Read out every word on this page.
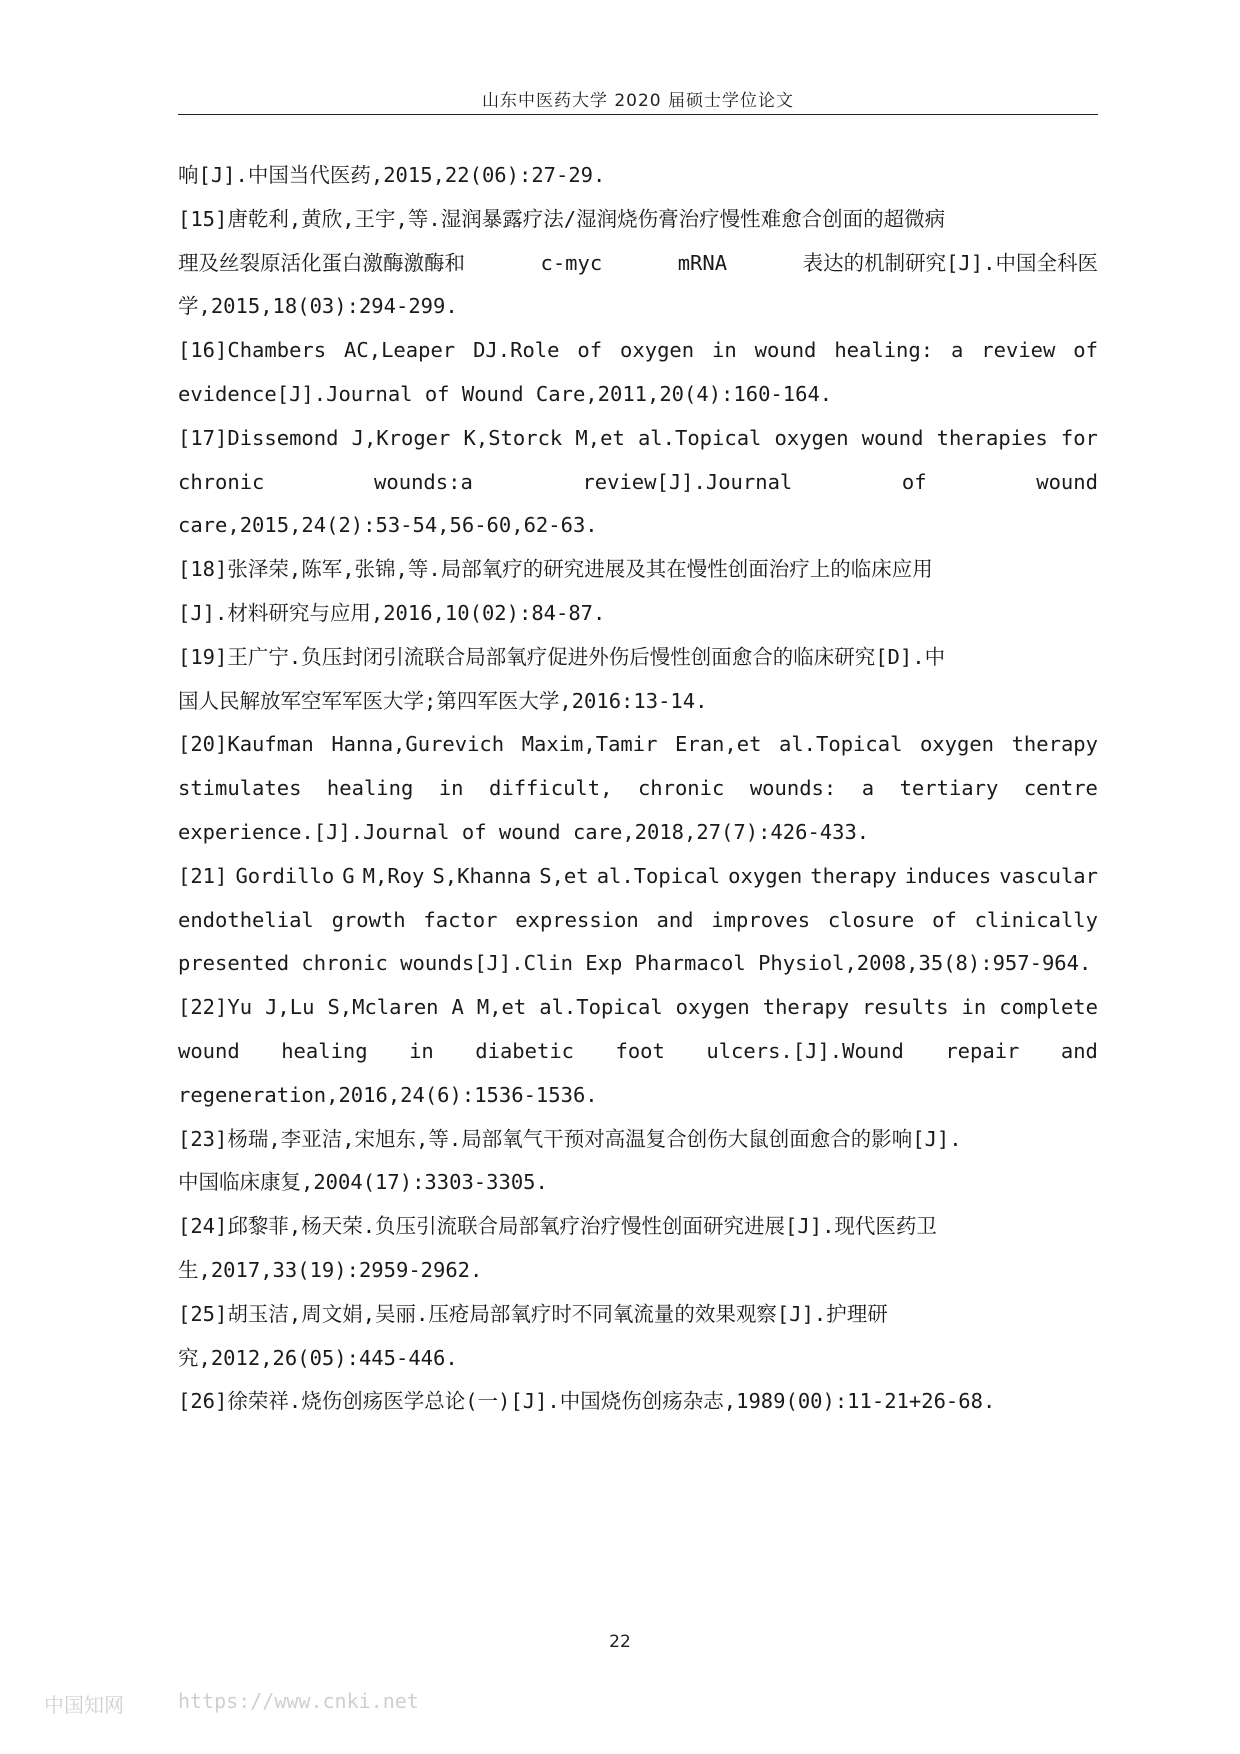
山东中医药大学 2020 届硕士学位论文
响[J].中国当代医药,2015,22(06):27-29.
[15]唐乾利,黄欣,王宇,等.湿润暴露疗法/湿润烧伤膏治疗慢性难愈合创面的超微病
理及丝裂原活化蛋白激酶激酶和	c-myc	mRNA	表达的机制研究[J].中国全科医
学,2015,18(03):294-299.
[16]Chambers AC,Leaper DJ.Role of oxygen in wound healing: a review of
evidence[J].Journal of Wound Care,2011,20(4):160-164.
[17]Dissemond J,Kroger K,Storck M,et al.Topical oxygen wound therapies for
chronic	wounds:a	review[J].Journal	of	wound
care,2015,24(2):53-54,56-60,62-63.
[18]张泽荣,陈军,张锦,等.局部氧疗的研究进展及其在慢性创面治疗上的临床应用
[J].材料研究与应用,2016,10(02):84-87.
[19]王广宁.负压封闭引流联合局部氧疗促进外伤后慢性创面愈合的临床研究[D].中
国人民解放军空军军医大学;第四军医大学,2016:13-14.
[20]Kaufman Hanna,Gurevich Maxim,Tamir Eran,et al.Topical oxygen therapy
stimulates healing in difficult, chronic wounds: a tertiary centre
experience.[J].Journal of wound care,2018,27(7):426-433.
[21] Gordillo G M,Roy S,Khanna S,et al.Topical oxygen therapy induces vascular
endothelial growth factor expression and improves closure of clinically
presented chronic wounds[J].Clin Exp Pharmacol Physiol,2008,35(8):957-964.
[22]Yu J,Lu S,Mclaren A M,et al.Topical oxygen therapy results in complete
wound healing in diabetic foot ulcers.[J].Wound repair and
regeneration,2016,24(6):1536-1536.
[23]杨瑞,李亚洁,宋旭东,等.局部氧气干预对高温复合创伤大鼠创面愈合的影响[J].
中国临床康复,2004(17):3303-3305.
[24]邱黎菲,杨天荣.负压引流联合局部氧疗治疗慢性创面研究进展[J].现代医药卫
生,2017,33(19):2959-2962.
[25]胡玉洁,周文娟,吴丽.压疮局部氧疗时不同氧流量的效果观察[J].护理研
究,2012,26(05):445-446.
[26]徐荣祥.烧伤创疡医学总论(一)[J].中国烧伤创疡杂志,1989(00):11-21+26-68.
22
中国知网	https://www.cnki.net
